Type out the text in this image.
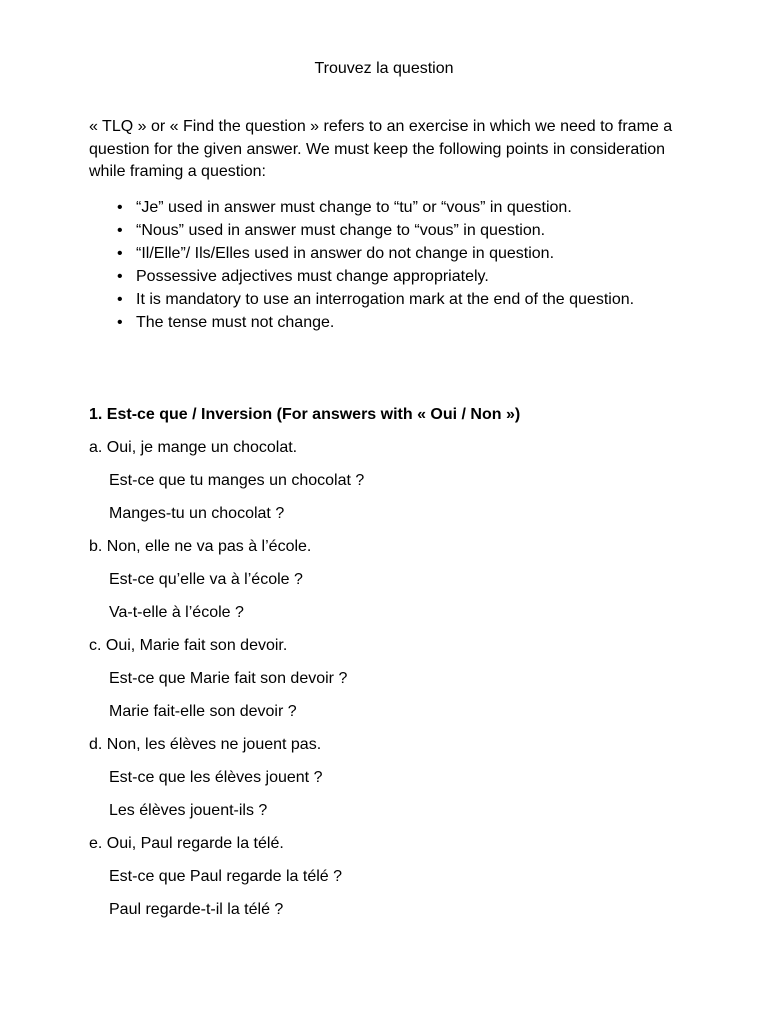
Trouvez la question

« TLQ » or « Find the question » refers to an exercise in which we need to frame a question for the given answer. We must keep the following points in consideration while framing a question:

• “Je” used in answer must change to “tu” or “vous” in question.
• “Nous” used in answer must change to “vous” in question.
• “Il/Elle”/ Ils/Elles used in answer do not change in question.
• Possessive adjectives must change appropriately.
• It is mandatory to use an interrogation mark at the end of the question.
• The tense must not change.
1. Est-ce que / Inversion (For answers with « Oui / Non »)
a. Oui, je mange un chocolat.
Est-ce que tu manges un chocolat ?
Manges-tu un chocolat ?
b. Non, elle ne va pas à l’école.
Est-ce qu’elle va à l’école ?
Va-t-elle à l’école ?
c. Oui, Marie fait son devoir.
Est-ce que Marie fait son devoir ?
Marie fait-elle son devoir ?
d. Non, les élèves ne jouent pas.
Est-ce que les élèves jouent ?
Les élèves jouent-ils ?
e. Oui, Paul regarde la télé.
Est-ce que Paul regarde la télé ?
Paul regarde-t-il la télé ?
